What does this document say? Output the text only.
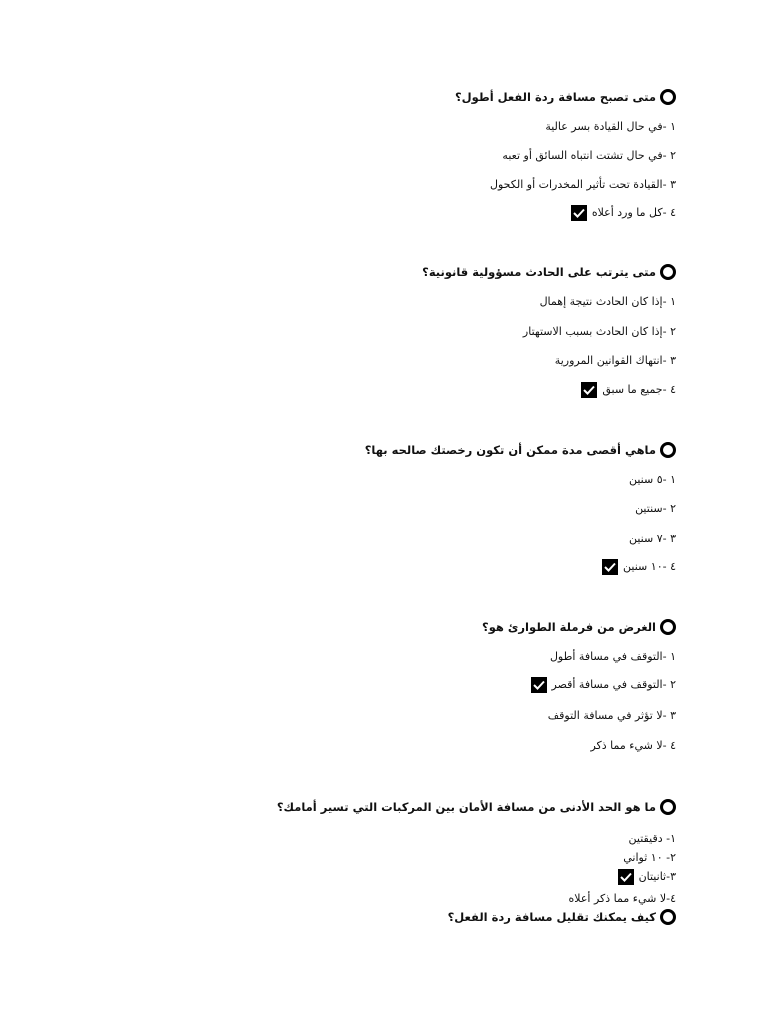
متى تصبح مسافة ردة الفعل أطول؟
١ -في حال القيادة بسر عالية
٢ -في حال تشتت انتباه السائق أو تعبه
٣ -القيادة تحت تأثير المخدرات أو الكحول
٤ -كل ما ورد أعلاه
متى يترتب على الحادث مسؤولية قانونية؟
١ -إذا كان الحادث نتيجة إهمال
٢ -إذا كان الحادث بسبب الاستهتار
٣ -انتهاك القوانين المرورية
٤ -جميع ما سبق
ماهي أقصى مدة ممكن أن تكون رخصتك صالحه بها؟
١ -٥ سنين
٢ -سنتين
٣ -٧ سنين
٤ -١٠ سنين
الغرض من فرملة الطوارئ هو؟
١ -التوقف في مسافة أطول
٢ -التوقف في مسافة أقصر
٣ -لا تؤثر في مسافة التوقف
٤ -لا شيء مما ذكر
ما هو الحد الأدنى من مسافة الأمان بين المركبات التي تسير أمامك؟
١- دقيقتين
٢- ١٠ ثواني
٣-ثانيتان
٤-لا شيء مما ذكر أعلاه
كيف يمكنك تقليل مسافة ردة الفعل؟
